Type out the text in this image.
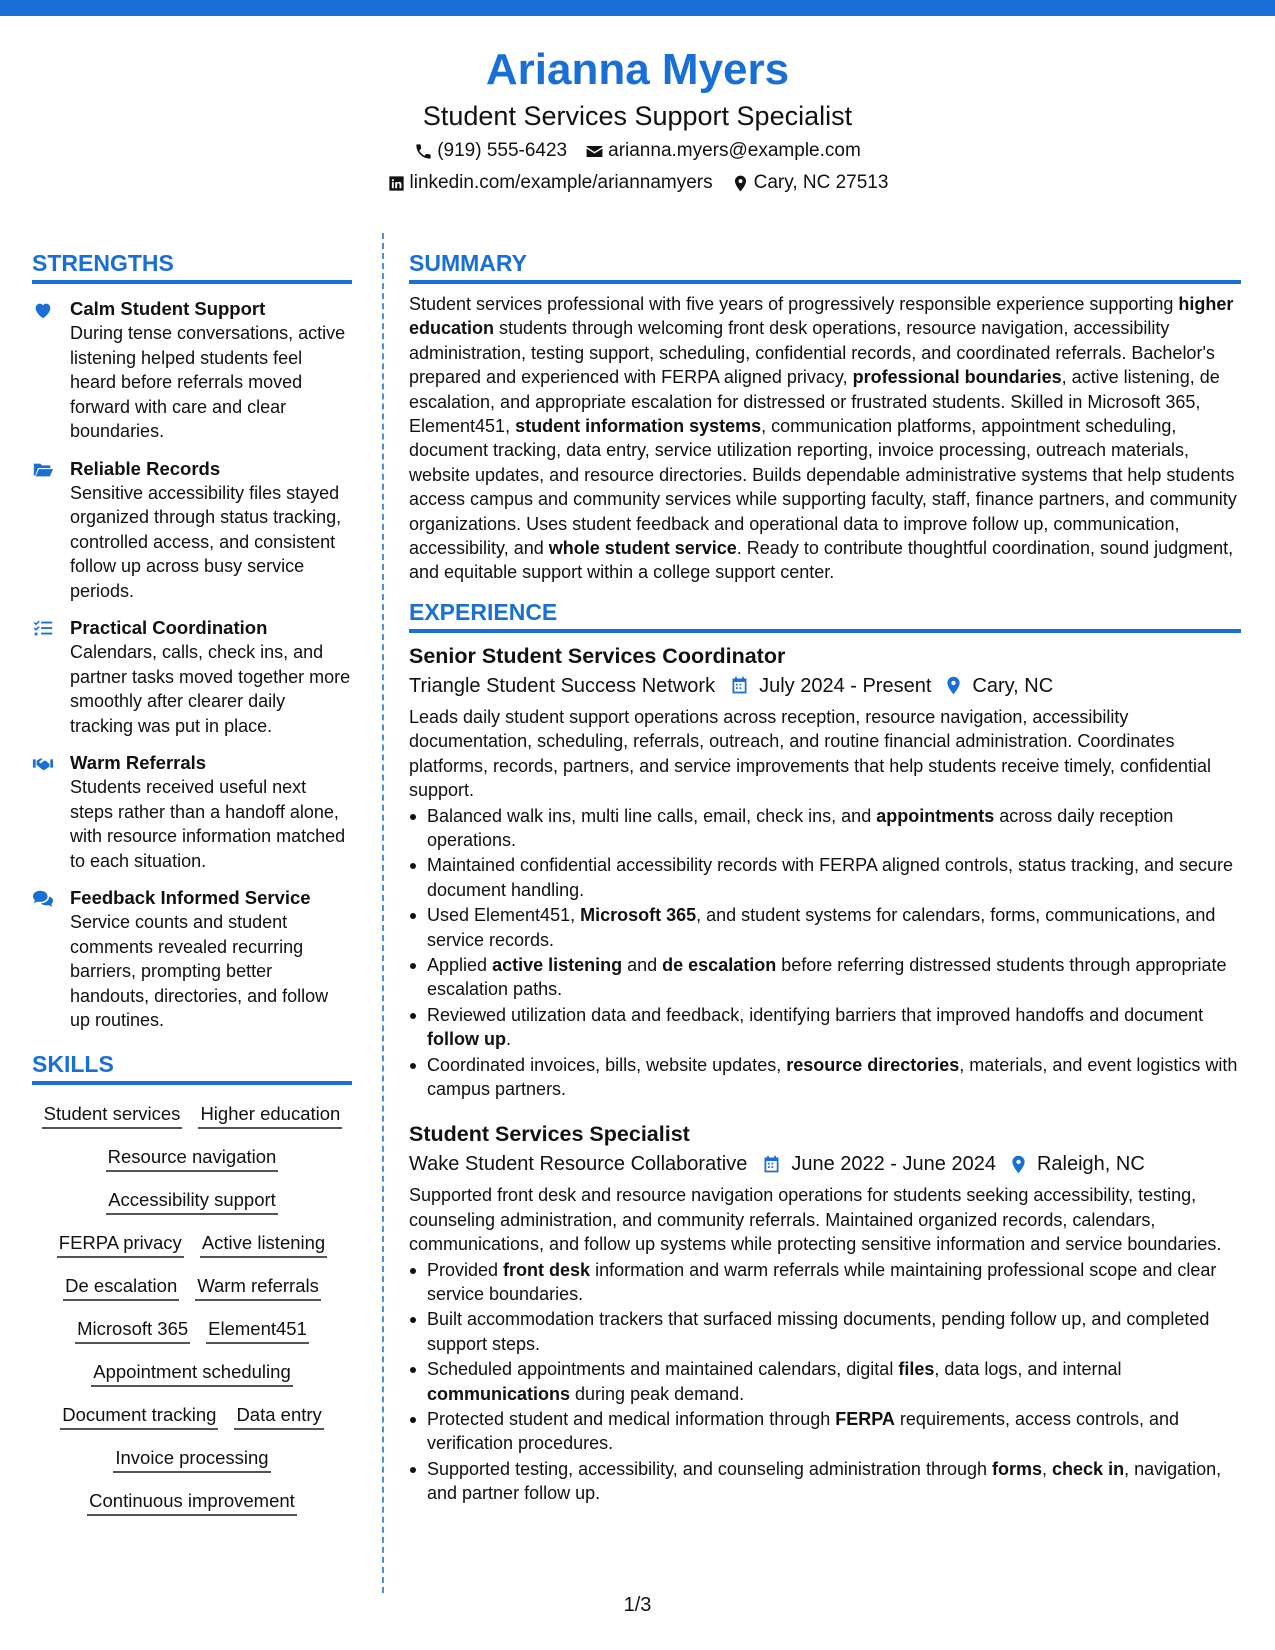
Arianna Myers
Student Services Support Specialist
(919) 555-6423 arianna.myers@example.com
linkedin.com/example/ariannamyers Cary, NC 27513
STRENGTHS
Calm Student Support
During tense conversations, active listening helped students feel heard before referrals moved forward with care and clear boundaries.
Reliable Records
Sensitive accessibility files stayed organized through status tracking, controlled access, and consistent follow up across busy service periods.
Practical Coordination
Calendars, calls, check ins, and partner tasks moved together more smoothly after clearer daily tracking was put in place.
Warm Referrals
Students received useful next steps rather than a handoff alone, with resource information matched to each situation.
Feedback Informed Service
Service counts and student comments revealed recurring barriers, prompting better handouts, directories, and follow up routines.
SKILLS
Student services Higher education
Resource navigation
Accessibility support
FERPA privacy Active listening
De escalation Warm referrals
Microsoft 365 Element451
Appointment scheduling
Document tracking Data entry
Invoice processing
Continuous improvement
SUMMARY

Student services professional with five years of progressively responsible experience supporting higher education students through welcoming front desk operations, resource navigation, accessibility administration, testing support, scheduling, confidential records, and coordinated referrals. Bachelor's prepared and experienced with FERPA aligned privacy, professional boundaries, active listening, de escalation, and appropriate escalation for distressed or frustrated students. Skilled in Microsoft 365, Element451, student information systems, communication platforms, appointment scheduling, document tracking, data entry, service utilization reporting, invoice processing, outreach materials, website updates, and resource directories. Builds dependable administrative systems that help students access campus and community services while supporting faculty, staff, finance partners, and community organizations. Uses student feedback and operational data to improve follow up, communication, accessibility, and whole student service. Ready to contribute thoughtful coordination, sound judgment, and equitable support within a college support center.

EXPERIENCE
Senior Student Services Coordinator
Triangle Student Success Network July 2024 - Present Cary, NC
Leads daily student support operations across reception, resource navigation, accessibility documentation, scheduling, referrals, outreach, and routine financial administration. Coordinates platforms, records, partners, and service improvements that help students receive timely, confidential support.
Balanced walk ins, multi line calls, email, check ins, and appointments across daily reception operations.
Maintained confidential accessibility records with FERPA aligned controls, status tracking, and secure document handling.
Used Element451, Microsoft 365, and student systems for calendars, forms, communications, and service records.
Applied active listening and de escalation before referring distressed students through appropriate escalation paths.
Reviewed utilization data and feedback, identifying barriers that improved handoffs and document follow up.
Coordinated invoices, bills, website updates, resource directories, materials, and event logistics with campus partners.
Student Services Specialist
Wake Student Resource Collaborative June 2022 - June 2024 Raleigh, NC
Supported front desk and resource navigation operations for students seeking accessibility, testing, counseling administration, and community referrals. Maintained organized records, calendars, communications, and follow up systems while protecting sensitive information and service boundaries.
Provided front desk information and warm referrals while maintaining professional scope and clear service boundaries.
Built accommodation trackers that surfaced missing documents, pending follow up, and completed support steps.
Scheduled appointments and maintained calendars, digital files, data logs, and internal communications during peak demand.
Protected student and medical information through FERPA requirements, access controls, and verification procedures.
Supported testing, accessibility, and counseling administration through forms, check in, navigation, and partner follow up.
1/3
